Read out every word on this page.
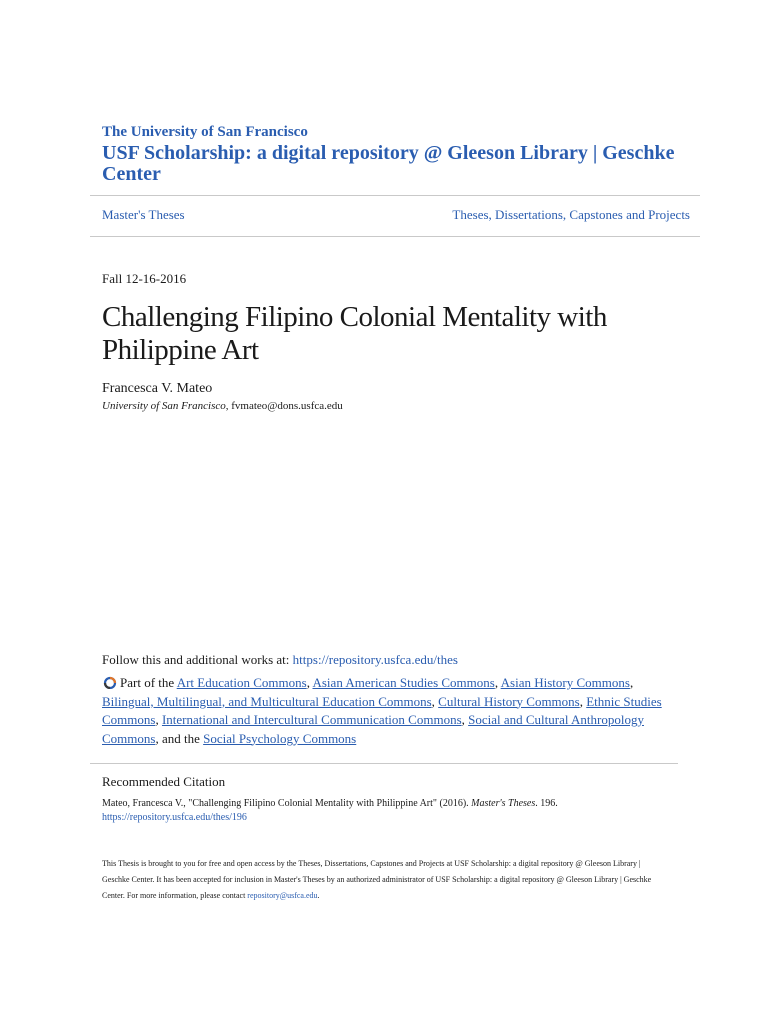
The University of San Francisco
USF Scholarship: a digital repository @ Gleeson Library | Geschke Center
Master's Theses	Theses, Dissertations, Capstones and Projects
Fall 12-16-2016
Challenging Filipino Colonial Mentality with Philippine Art
Francesca V. Mateo
University of San Francisco, fvmateo@dons.usfca.edu
Follow this and additional works at: https://repository.usfca.edu/thes
Part of the Art Education Commons, Asian American Studies Commons, Asian History Commons, Bilingual, Multilingual, and Multicultural Education Commons, Cultural History Commons, Ethnic Studies Commons, International and Intercultural Communication Commons, Social and Cultural Anthropology Commons, and the Social Psychology Commons
Recommended Citation
Mateo, Francesca V., "Challenging Filipino Colonial Mentality with Philippine Art" (2016). Master's Theses. 196.
https://repository.usfca.edu/thes/196
This Thesis is brought to you for free and open access by the Theses, Dissertations, Capstones and Projects at USF Scholarship: a digital repository @ Gleeson Library | Geschke Center. It has been accepted for inclusion in Master's Theses by an authorized administrator of USF Scholarship: a digital repository @ Gleeson Library | Geschke Center. For more information, please contact repository@usfca.edu.
